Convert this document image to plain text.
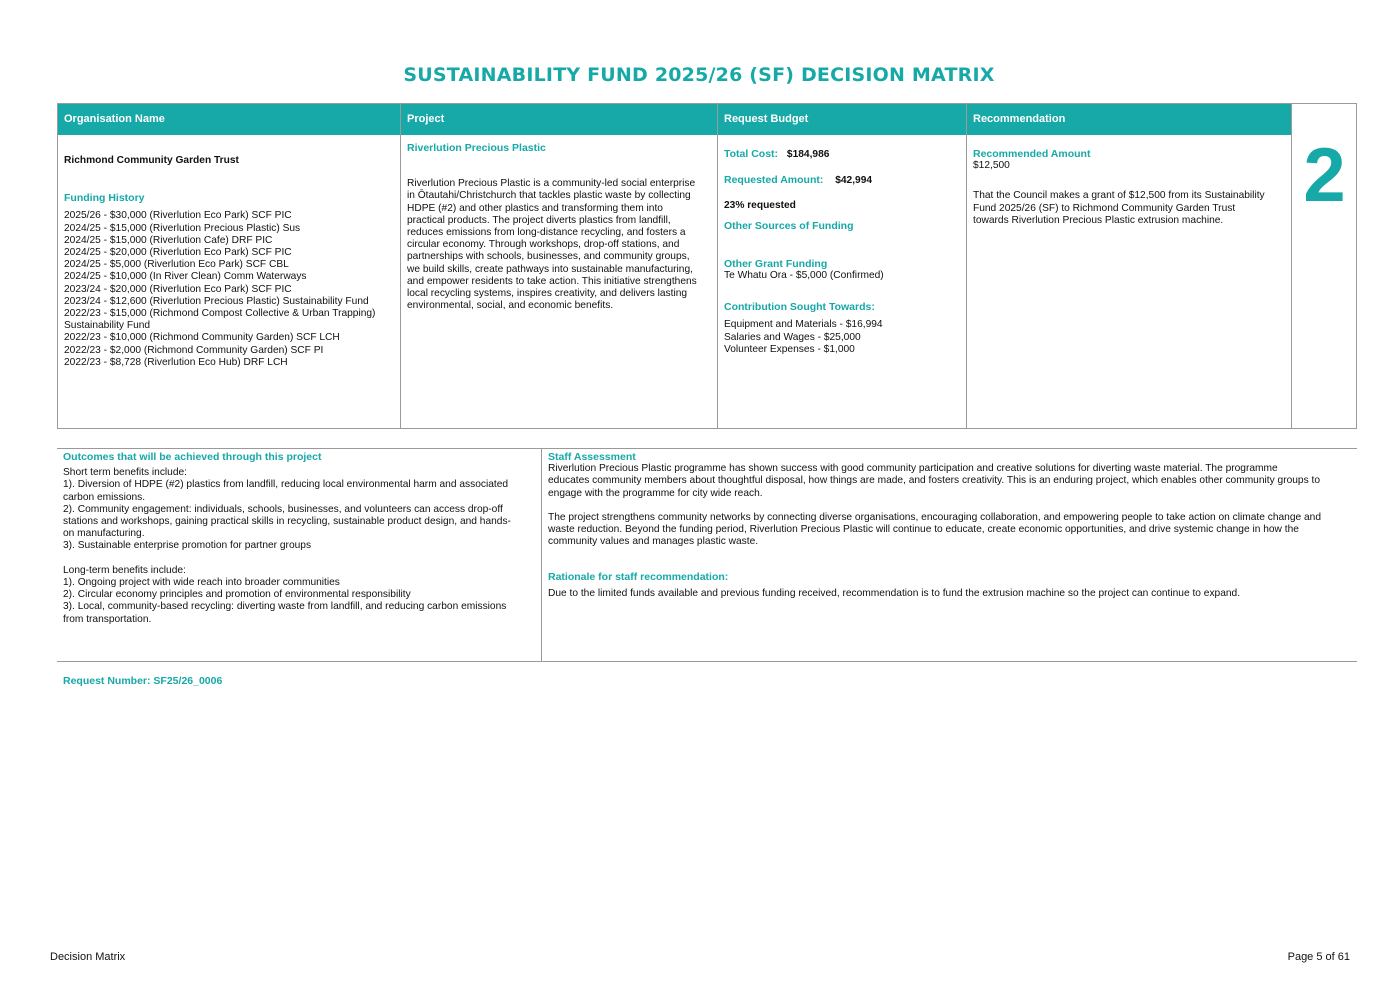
SUSTAINABILITY FUND 2025/26 (SF) DECISION MATRIX
Organisation Name
Richmond Community Garden Trust
Funding History
2025/26 - $30,000 (Riverlution Eco Park) SCF PIC
2024/25 - $15,000 (Riverlution Precious Plastic) Sus
2024/25 - $15,000 (Riverlution Cafe) DRF PIC
2024/25 - $20,000 (Riverlution Eco Park) SCF PIC
2024/25 - $5,000 (Riverlution Eco Park) SCF CBL
2024/25 - $10,000 (In River Clean) Comm Waterways
2023/24 - $20,000 (Riverlution Eco Park) SCF PIC
2023/24 - $12,600 (Riverlution Precious Plastic) Sustainability Fund
2022/23 - $15,000 (Richmond Compost Collective & Urban Trapping)
Sustainability Fund
2022/23 - $10,000 (Richmond Community Garden) SCF LCH
2022/23 - $2,000 (Richmond Community Garden) SCF PI
2022/23 - $8,728 (Riverlution Eco Hub) DRF LCH
Project
Riverlution Precious Plastic
Riverlution Precious Plastic is a community-led social enterprise
in Ōtautahi/Christchurch that tackles plastic waste by collecting
HDPE (#2) and other plastics and transforming them into
practical products. The project diverts plastics from landfill,
reduces emissions from long-distance recycling, and fosters a
circular economy. Through workshops, drop-off stations, and
partnerships with schools, businesses, and community groups,
we build skills, create pathways into sustainable manufacturing,
and empower residents to take action. This initiative strengthens
local recycling systems, inspires creativity, and delivers lasting
environmental, social, and economic benefits.
Request Budget
Total Cost: $184,986
Requested Amount: $42,994
23% requested
Other Sources of Funding
Other Grant Funding
Te Whatu Ora - $5,000 (Confirmed)
Contribution Sought Towards:
Equipment and Materials - $16,994
Salaries and Wages - $25,000
Volunteer Expenses - $1,000
Recommendation
Recommended Amount
$12,500
That the Council makes a grant of $12,500 from its Sustainability
Fund 2025/26 (SF) to Richmond Community Garden Trust
towards Riverlution Precious Plastic extrusion machine.
2
Outcomes that will be achieved through this project
Short term benefits include:
1). Diversion of HDPE (#2) plastics from landfill, reducing local environmental harm and associated
carbon emissions.
2). Community engagement: individuals, schools, businesses, and volunteers can access drop-off
stations and workshops, gaining practical skills in recycling, sustainable product design, and hands-
on manufacturing.
3). Sustainable enterprise promotion for partner groups

Long-term benefits include:
1). Ongoing project with wide reach into broader communities
2). Circular economy principles and promotion of environmental responsibility
3). Local, community-based recycling: diverting waste from landfill, and reducing carbon emissions
from transportation.
Staff Assessment
Riverlution Precious Plastic programme has shown success with good community participation and creative solutions for diverting waste material. The programme
educates community members about thoughtful disposal, how things are made, and fosters creativity. This is an enduring project, which enables other community groups to
engage with the programme for city wide reach.
The project strengthens community networks by connecting diverse organisations, encouraging collaboration, and empowering people to take action on climate change and
waste reduction. Beyond the funding period, Riverlution Precious Plastic will continue to educate, create economic opportunities, and drive systemic change in how the
community values and manages plastic waste.
Rationale for staff recommendation:
Due to the limited funds available and previous funding received, recommendation is to fund the extrusion machine so the project can continue to expand.
Request Number: SF25/26_0006
Decision Matrix	Page 5 of 61
